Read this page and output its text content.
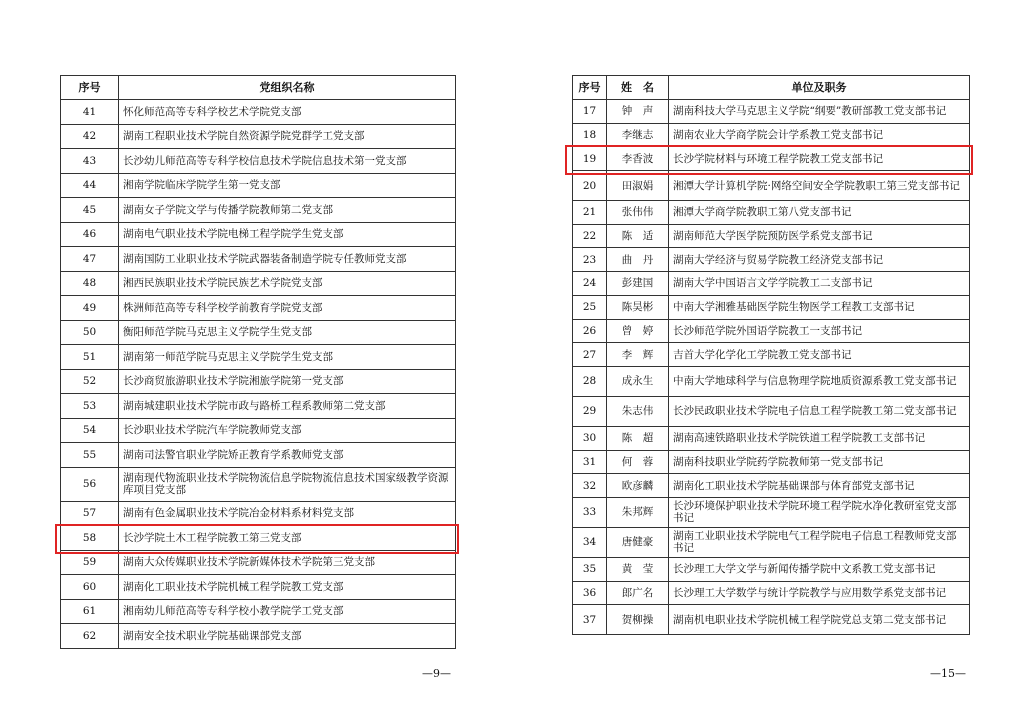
序号	党组织名称
41	怀化师范高等专科学校艺术学院党支部
42	湖南工程职业技术学院自然资源学院党群学工党支部
43	长沙幼儿师范高等专科学校信息技术学院信息技术第一党支部
44	湘南学院临床学院学生第一党支部
45	湖南女子学院文学与传播学院教师第二党支部
46	湖南电气职业技术学院电梯工程学院学生党支部
47	湖南国防工业职业技术学院武器装备制造学院专任教师党支部
48	湘西民族职业技术学院民族艺术学院党支部
49	株洲师范高等专科学校学前教育学院党支部
50	衡阳师范学院马克思主义学院学生党支部
51	湖南第一师范学院马克思主义学院学生党支部
52	长沙商贸旅游职业技术学院湘旅学院第一党支部
53	湖南城建职业技术学院市政与路桥工程系教师第二党支部
54	长沙职业技术学院汽车学院教师党支部
55	湖南司法警官职业学院矫正教育学系教师党支部
56	湖南现代物流职业技术学院物流信息学院物流信息技术国家级教学资源库项目党支部
57	湖南有色金属职业技术学院冶金材料系材料党支部
58	长沙学院土木工程学院教工第三党支部
59	湖南大众传媒职业技术学院新媒体技术学院第三党支部
60	湖南化工职业技术学院机械工程学院教工党支部
61	湘南幼儿师范高等专科学校小教学院学工党支部
62	湖南安全技术职业学院基础课部党支部
序号	姓　名	单位及职务
17	钟　声	湖南科技大学马克思主义学院“纲要”教研部教工党支部书记
18	李继志	湖南农业大学商学院会计学系教工党支部书记
19	李香波	长沙学院材料与环境工程学院教工党支部书记
20	田淑娟	湘潭大学计算机学院·网络空间安全学院教职工第三党支部书记
21	张伟伟	湘潭大学商学院教职工第八党支部书记
22	陈　适	湖南师范大学医学院预防医学系党支部书记
23	曲　丹	湖南大学经济与贸易学院教工经济党支部书记
24	彭建国	湖南大学中国语言文学学院教工二支部书记
25	陈昊彬	中南大学湘雅基础医学院生物医学工程教工支部书记
26	曾　婷	长沙师范学院外国语学院教工一支部书记
27	李　辉	吉首大学化学化工学院教工党支部书记
28	成永生	中南大学地球科学与信息物理学院地质资源系教工党支部书记
29	朱志伟	长沙民政职业技术学院电子信息工程学院教工第二党支部书记
30	陈　超	湖南高速铁路职业技术学院铁道工程学院教工支部书记
31	何　蓉	湖南科技职业学院药学院教师第一党支部书记
32	欧彦麟	湖南化工职业技术学院基础课部与体育部党支部书记
33	朱邦辉	长沙环境保护职业技术学院环境工程学院水净化教研室党支部书记
34	唐健豪	湖南工业职业技术学院电气工程学院电子信息工程教师党支部书记
35	黄　莹	长沙理工大学文学与新闻传播学院中文系教工党支部书记
36	郎广名	长沙理工大学数学与统计学院教学与应用数学系党支部书记
37	贺柳操	湖南机电职业技术学院机械工程学院党总支第二党支部书记
—9—	—15—
